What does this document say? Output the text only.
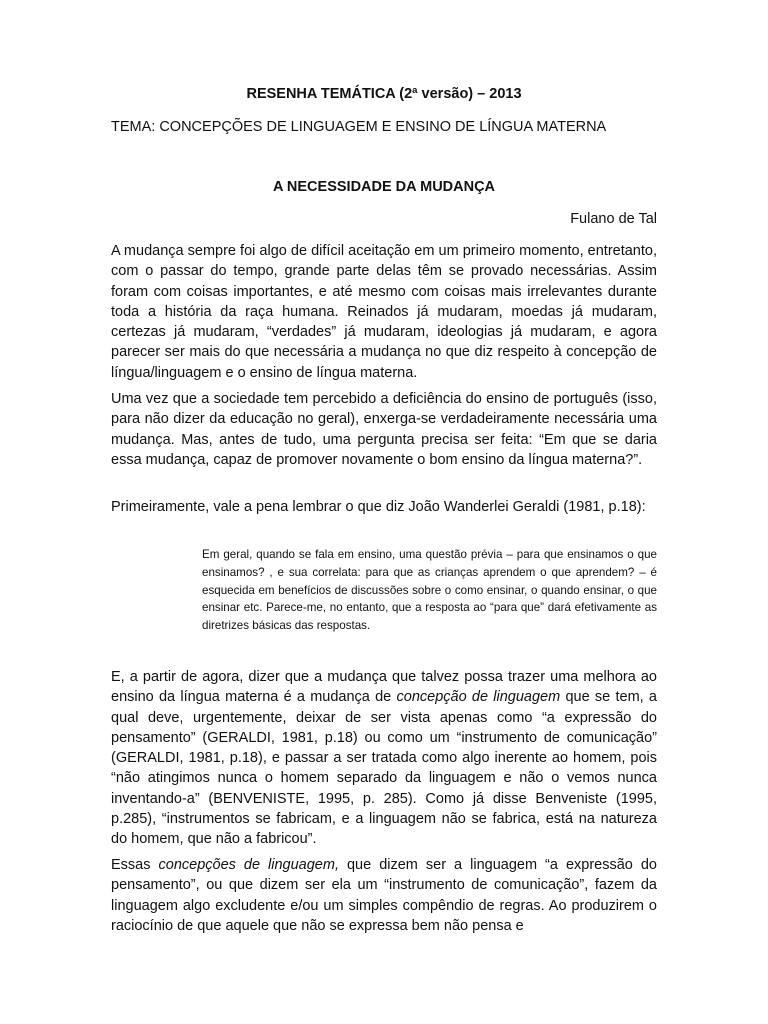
RESENHA TEMÁTICA (2ª versão) – 2013
TEMA: CONCEPÇÕES DE LINGUAGEM E ENSINO DE LÍNGUA MATERNA
A NECESSIDADE DA MUDANÇA
Fulano de Tal
A mudança sempre foi algo de difícil aceitação em um primeiro momento, entretanto, com o passar do tempo, grande parte delas têm se provado necessárias. Assim foram com coisas importantes, e até mesmo com coisas mais irrelevantes durante toda a história da raça humana. Reinados já mudaram, moedas já mudaram, certezas já mudaram, “verdades” já mudaram, ideologias já mudaram, e agora parecer ser mais do que necessária a mudança no que diz respeito à concepção de língua/linguagem e o ensino de língua materna.
Uma vez que a sociedade tem percebido a deficiência do ensino de português (isso, para não dizer da educação no geral), enxerga-se verdadeiramente necessária uma mudança. Mas, antes de tudo, uma pergunta precisa ser feita: “Em que se daria essa mudança, capaz de promover novamente o bom ensino da língua materna?”.
Primeiramente, vale a pena lembrar o que diz João Wanderlei Geraldi (1981, p.18):
Em geral, quando se fala em ensino, uma questão prévia – para que ensinamos o que ensinamos? , e sua correlata: para que as crianças aprendem o que aprendem? – é esquecida em benefícios de discussões sobre o como ensinar, o quando ensinar, o que ensinar etc. Parece-me, no entanto, que a resposta ao “para que” dará efetivamente as diretrizes básicas das respostas.
E, a partir de agora, dizer que a mudança que talvez possa trazer uma melhora ao ensino da língua materna é a mudança de concepção de linguagem que se tem, a qual deve, urgentemente, deixar de ser vista apenas como “a expressão do pensamento” (GERALDI, 1981, p.18) ou como um “instrumento de comunicação” (GERALDI, 1981, p.18), e passar a ser tratada como algo inerente ao homem, pois “não atingimos nunca o homem separado da linguagem e não o vemos nunca inventando-a” (BENVENISTE, 1995, p. 285). Como já disse Benveniste (1995, p.285), “instrumentos se fabricam, e a linguagem não se fabrica, está na natureza do homem, que não a fabricou”.
Essas concepções de linguagem, que dizem ser a linguagem “a expressão do pensamento”, ou que dizem ser ela um “instrumento de comunicação”, fazem da linguagem algo excludente e/ou um simples compêndio de regras. Ao produzirem o raciocínio de que aquele que não se expressa bem não pensa e
